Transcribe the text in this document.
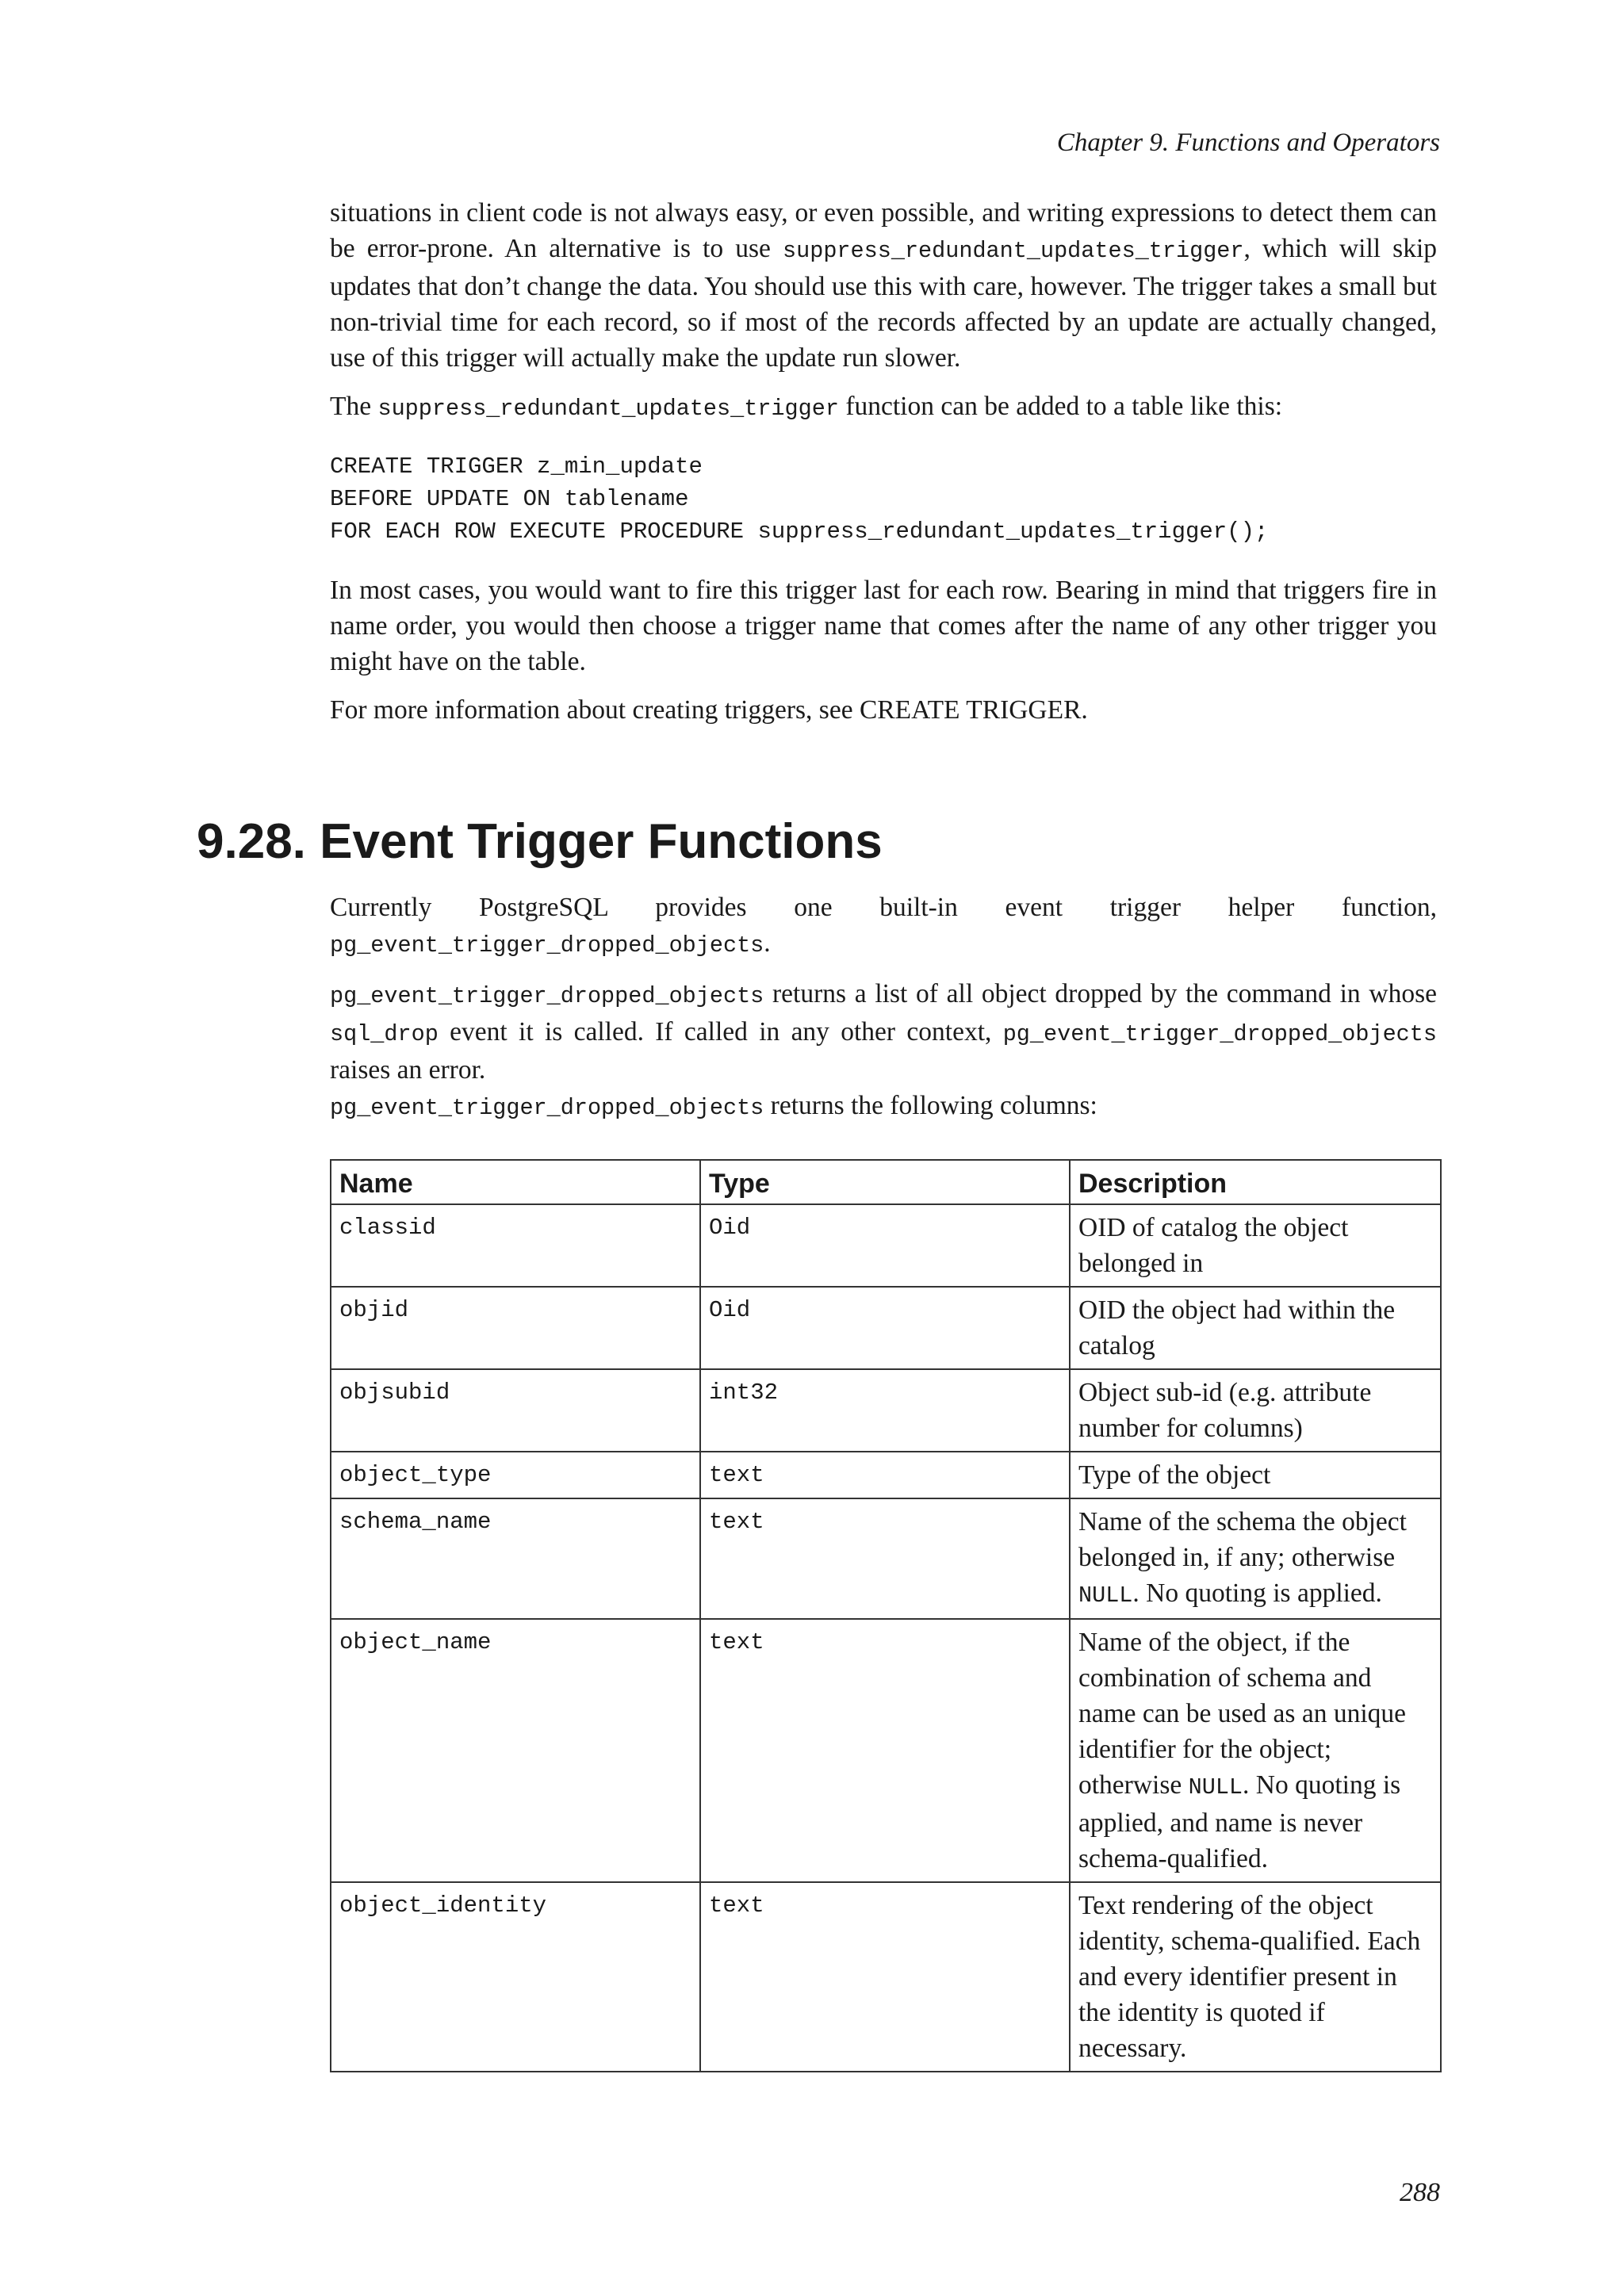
Chapter 9. Functions and Operators

situations in client code is not always easy, or even possible, and writing expressions to detect them can be error-prone. An alternative is to use suppress_redundant_updates_trigger, which will skip updates that don’t change the data. You should use this with care, however. The trigger takes a small but non-trivial time for each record, so if most of the records affected by an update are actually changed, use of this trigger will actually make the update run slower.

The suppress_redundant_updates_trigger function can be added to a table like this:

CREATE TRIGGER z_min_update
BEFORE UPDATE ON tablename
FOR EACH ROW EXECUTE PROCEDURE suppress_redundant_updates_trigger();

In most cases, you would want to fire this trigger last for each row. Bearing in mind that triggers fire in name order, you would then choose a trigger name that comes after the name of any other trigger you might have on the table.

For more information about creating triggers, see CREATE TRIGGER.

9.28. Event Trigger Functions

Currently PostgreSQL provides one built-in event trigger helper function,
pg_event_trigger_dropped_objects.

pg_event_trigger_dropped_objects returns a list of all object dropped by the command in whose sql_drop event it is called. If called in any other context, pg_event_trigger_dropped_objects raises an error.
pg_event_trigger_dropped_objects returns the following columns:

Name	Type	Description
classid	Oid	OID of catalog the object belonged in
objid	Oid	OID the object had within the catalog
objsubid	int32	Object sub-id (e.g. attribute number for columns)
object_type	text	Type of the object
schema_name	text	Name of the schema the object belonged in, if any; otherwise NULL. No quoting is applied.
object_name	text	Name of the object, if the combination of schema and name can be used as an unique identifier for the object; otherwise NULL. No quoting is applied, and name is never schema-qualified.
object_identity	text	Text rendering of the object identity, schema-qualified. Each and every identifier present in the identity is quoted if necessary.
288
